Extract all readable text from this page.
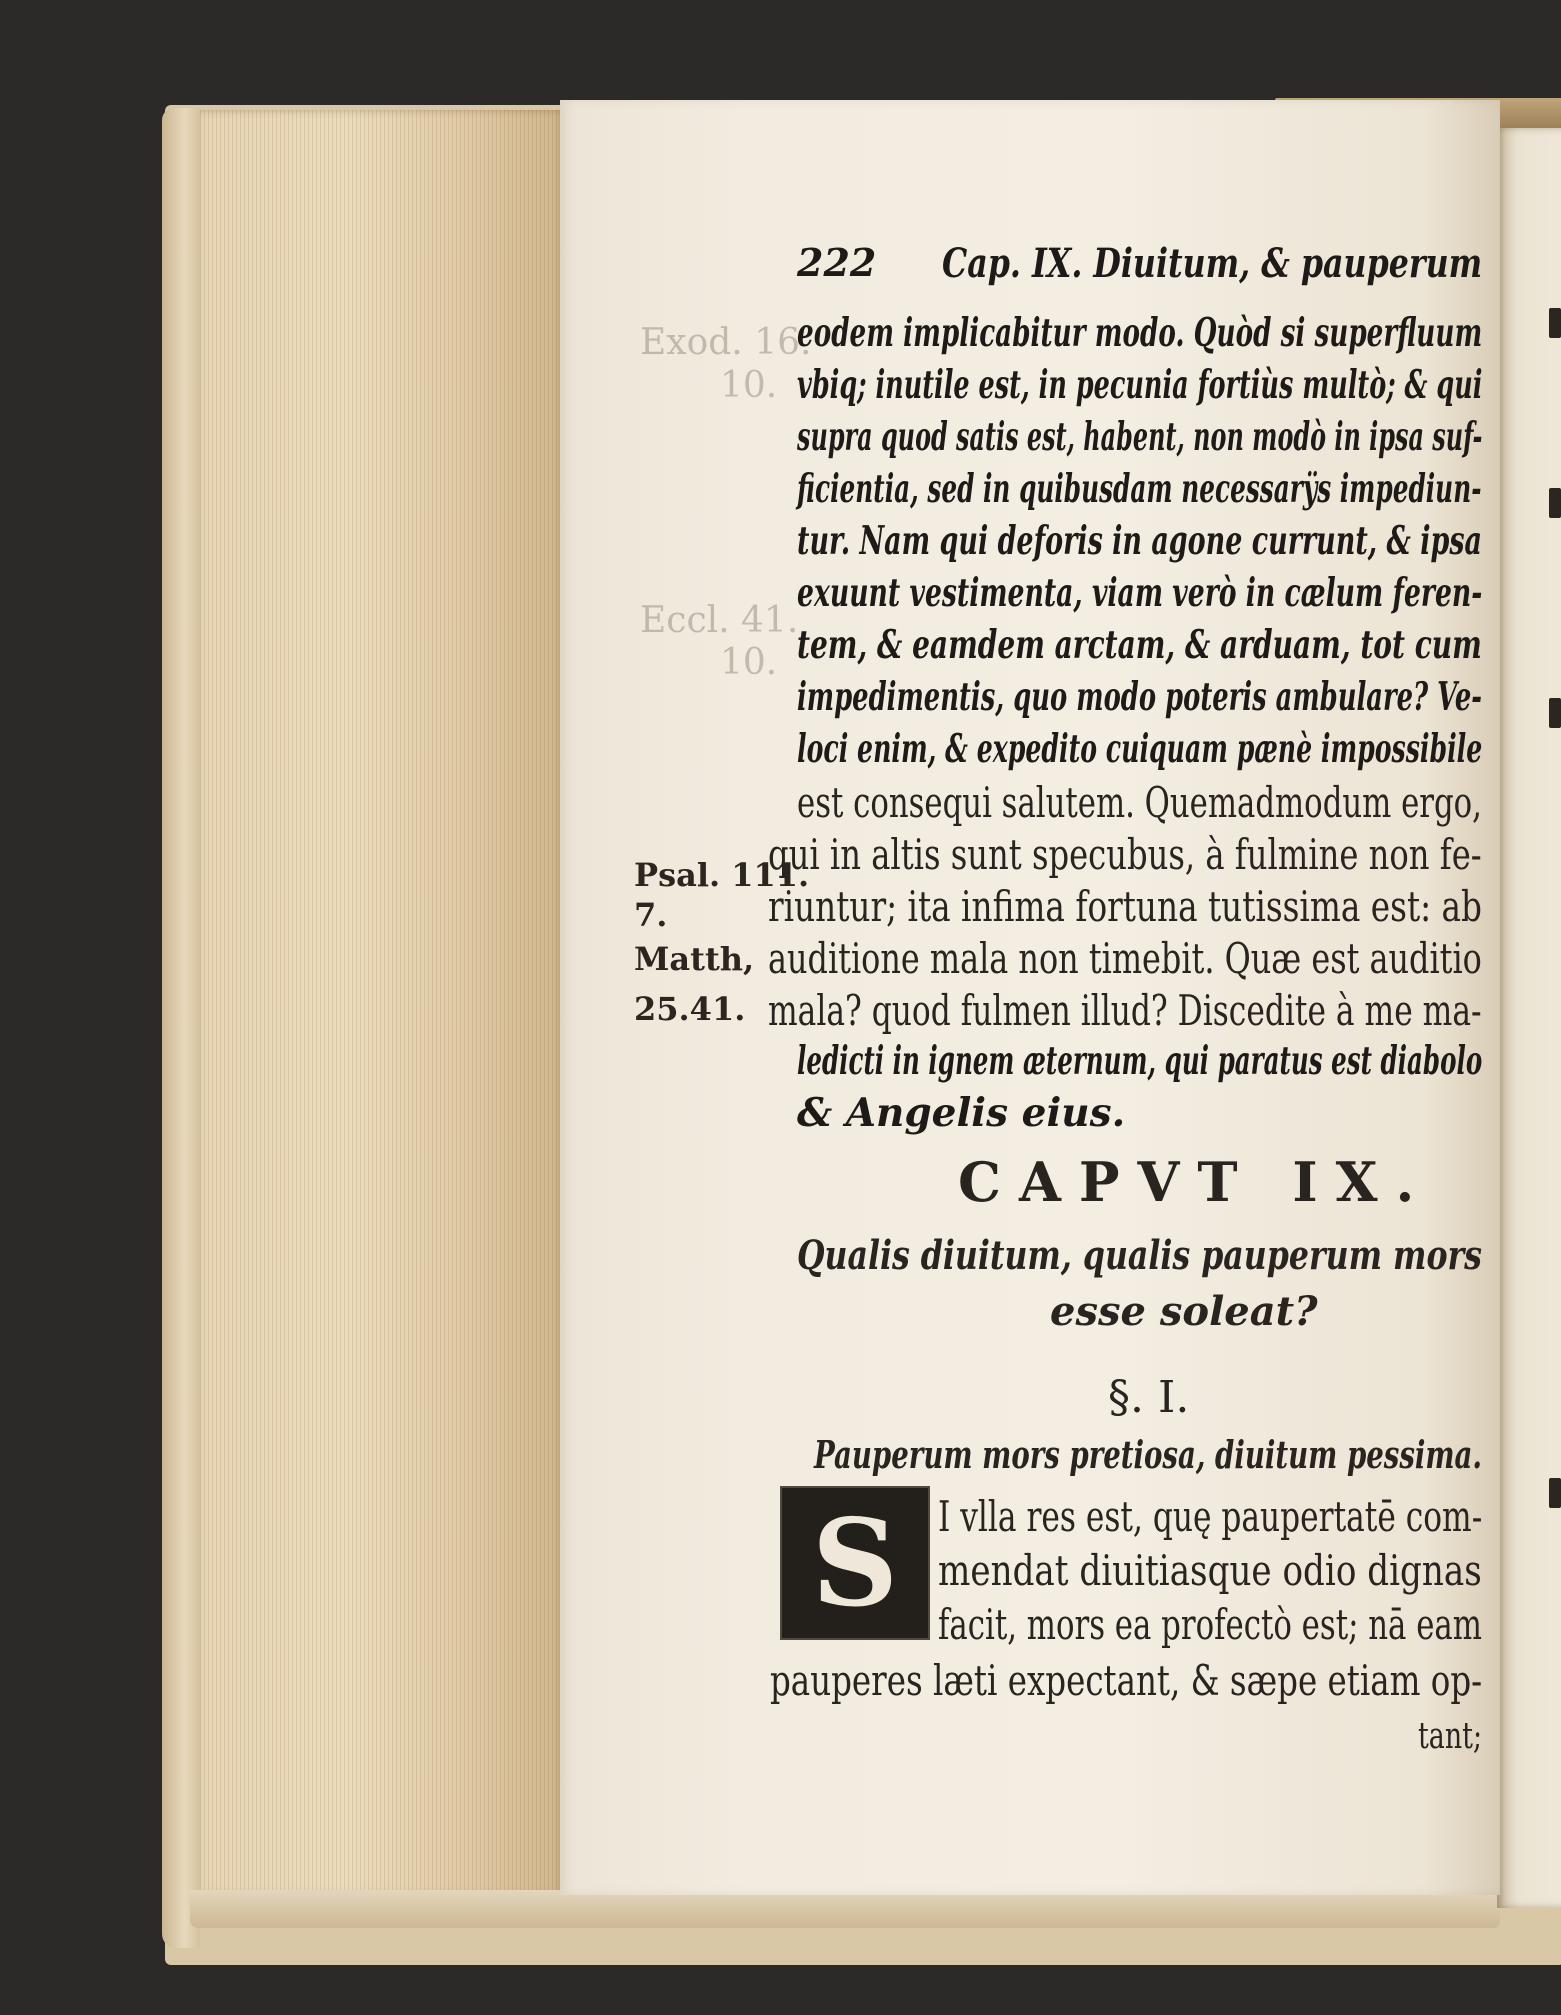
Exod. 16.
10.
Eccl. 41.
10.
222 Cap. IX. Diuitum, & pauperum
eodem implicabitur modo. Quòd si superfluum
vbiq; inutile est, in pecunia fortiùs multò; & qui
supra quod satis est, habent, non modò in ipsa suf-
ficientia, sed in quibusdam necessarÿs impediun-
tur. Nam qui deforis in agone currunt, & ipsa
exuunt vestimenta, viam verò in cælum feren-
tem, & eamdem arctam, & arduam, tot cum
impedimentis, quo modo poteris ambulare? Ve-
loci enim, & expedito cuiquam pænè impossibile
est consequi salutem. Quemadmodum ergo,
qui in altis sunt specubus, à fulmine non fe-
riuntur; ita infima fortuna tutissima est: ab
auditione mala non timebit. Quæ est auditio
mala? quod fulmen illud? Discedite à me ma-
ledicti in ignem æternum, qui paratus est diabolo
& Angelis eius.
Psal. 111.
7.
Matth,
25.41.
CAPVT IX.
Qualis diuitum, qualis pauperum mors
esse soleat?
§. I.
Pauperum mors pretiosa, diuitum pessima.
S I vlla res est, quę paupertatē com-
mendat diuitiasque odio dignas
facit, mors ea profectò est; nā eam
pauperes læti expectant, & sæpe etiam op-
tant;
